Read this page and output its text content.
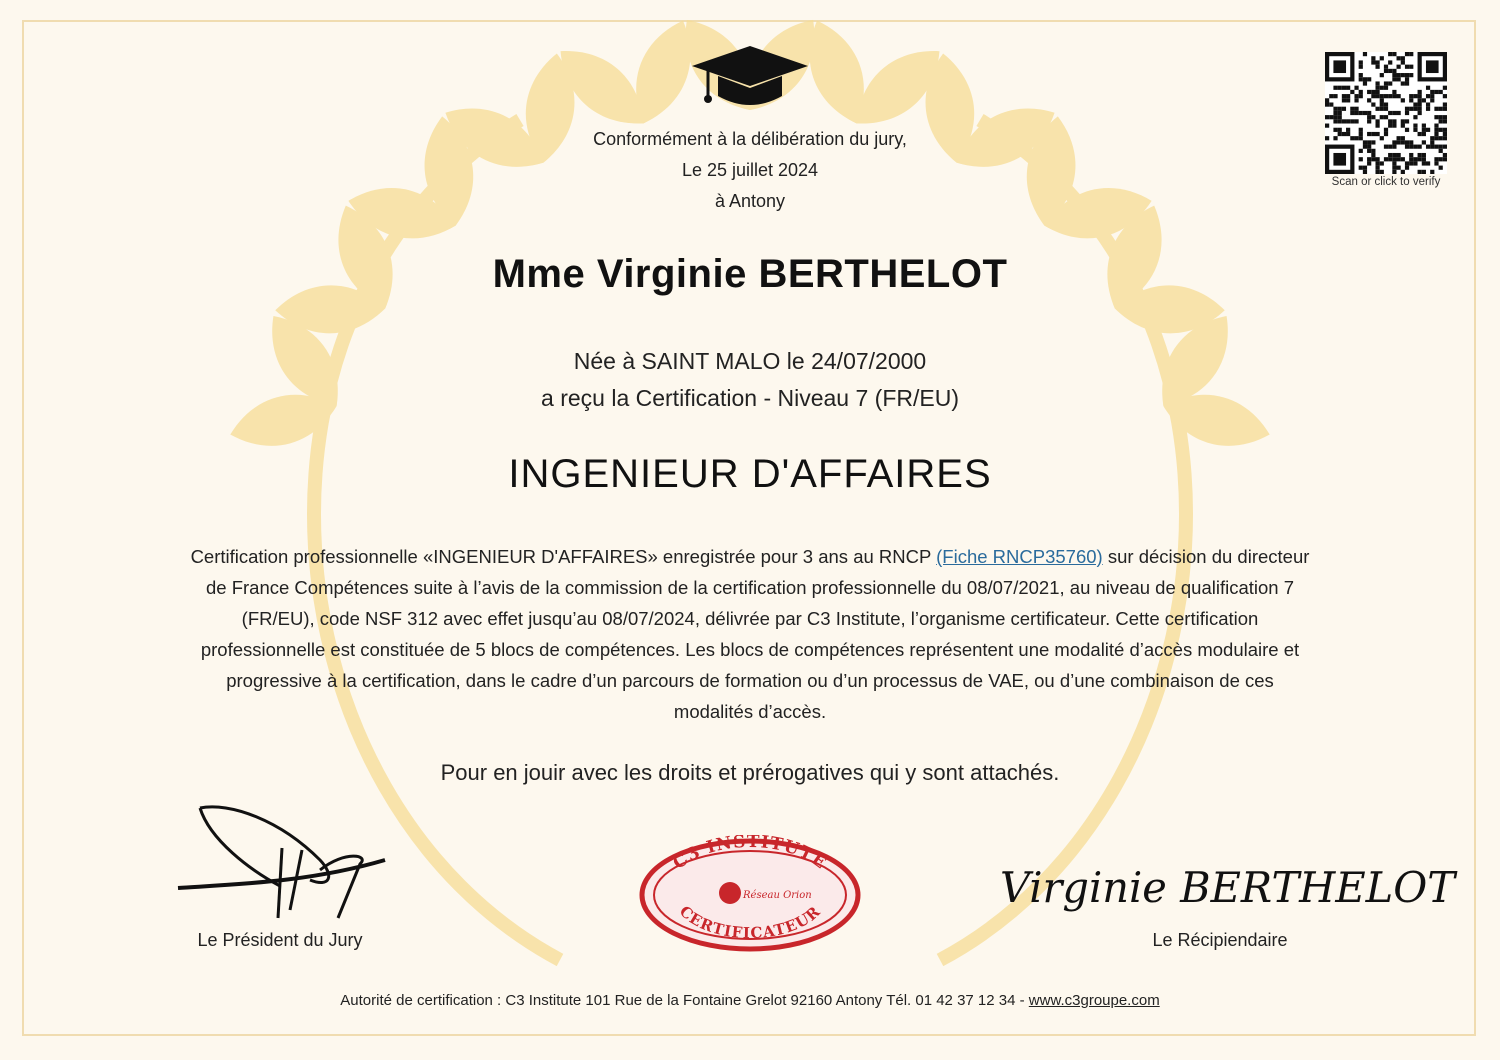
Conformément à la délibération du jury,
Le 25 juillet 2024
à Antony
Mme Virginie BERTHELOT
Née à SAINT MALO le 24/07/2000
a reçu la Certification - Niveau 7 (FR/EU)
INGENIEUR D'AFFAIRES
Certification professionnelle «INGENIEUR D'AFFAIRES» enregistrée pour 3 ans au RNCP (Fiche RNCP35760) sur décision du directeur de France Compétences suite à l’avis de la commission de la certification professionnelle du 08/07/2021, au niveau de qualification 7 (FR/EU), code NSF 312 avec effet jusqu’au 08/07/2024, délivrée par C3 Institute, l’organisme certificateur. Cette certification professionnelle est constituée de 5 blocs de compétences. Les blocs de compétences représentent une modalité d’accès modulaire et progressive à la certification, dans le cadre d’un parcours de formation ou d’un processus de VAE, ou d’une combinaison de ces modalités d’accès.
Pour en jouir avec les droits et prérogatives qui y sont attachés.
Scan or click to verify
Le Président du Jury
C3 INSTITUTE
Réseau Orion
CERTIFICATEUR
Virginie BERTHELOT
Le Récipiendaire
Autorité de certification : C3 Institute 101 Rue de la Fontaine Grelot 92160 Antony Tél. 01 42 37 12 34 - www.c3groupe.com
